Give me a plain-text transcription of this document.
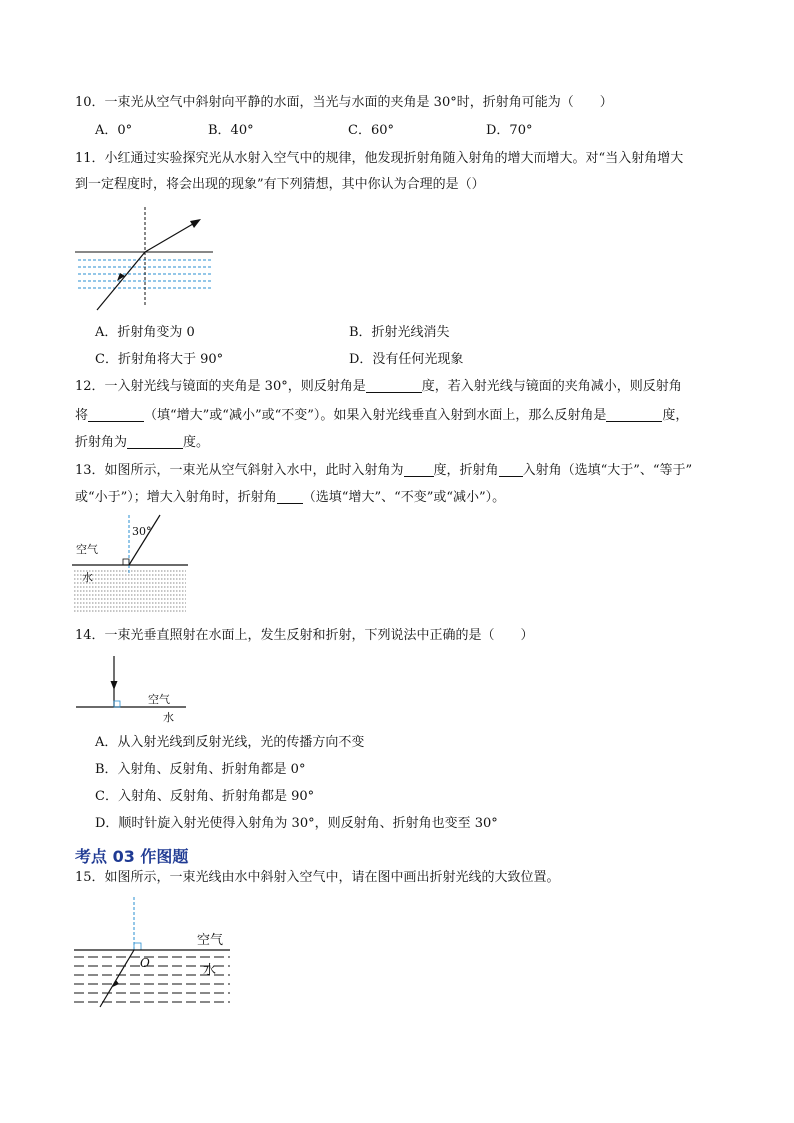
10．一束光从空气中斜射向平静的水面，当光与水面的夹角是 30°时，折射角可能为（　　）
A．0°	B．40°	C．60°	D．70°
11．小红通过实验探究光从水射入空气中的规律，他发现折射角随入射角的增大而增大。对“当入射角增大
到一定程度时，将会出现的现象”有下列猜想，其中你认为合理的是（）
A．折射角变为 0	B．折射光线消失
C．折射角将大于 90°	D．没有任何光现象
12．一入射光线与镜面的夹角是 30°，则反射角是	度，若入射光线与镜面的夹角减小，则反射角
将	（填“增大”或“减小”或“不变”）。如果入射光线垂直入射到水面上，那么反射角是	度，
折射角为	度。
13．如图所示，一束光从空气斜射入水中，此时入射角为 度，折射角 入射角（选填“大于”、“等于”
或“小于”）；增大入射角时，折射角 （选填“增大”、“不变”或“减小”）。
30°
空气
水
14．一束光垂直照射在水面上，发生反射和折射，下列说法中正确的是（　　）
空气
水
A．从入射光线到反射光线，光的传播方向不变
B．入射角、反射角、折射角都是 0°
C．入射角、反射角、折射角都是 90°
D．顺时针旋入射光使得入射角为 30°，则反射角、折射角也变至 30°
考点 03 作图题
15．如图所示，一束光线由水中斜射入空气中，请在图中画出折射光线的大致位置。
O
空气
水
